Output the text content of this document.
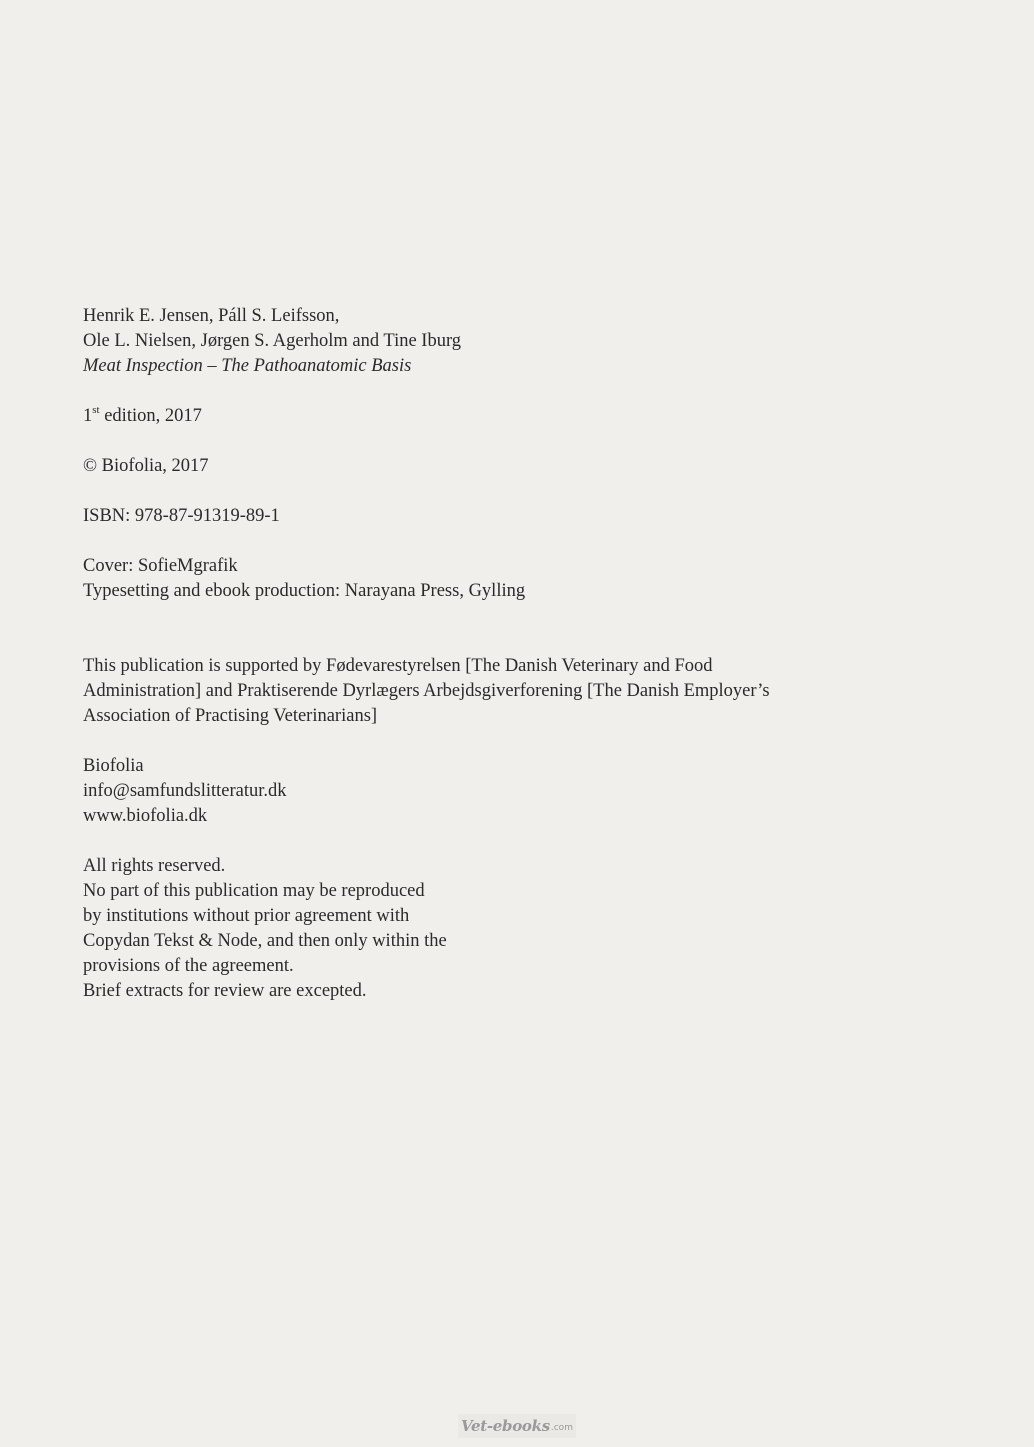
Henrik E. Jensen, Páll S. Leifsson,
Ole L. Nielsen, Jørgen S. Agerholm and Tine Iburg
Meat Inspection – The Pathoanatomic Basis
1st edition, 2017
© Biofolia, 2017
ISBN: 978-87-91319-89-1
Cover: SofieMgrafik
Typesetting and ebook production: Narayana Press, Gylling
This publication is supported by Fødevarestyrelsen [The Danish Veterinary and Food
Administration] and Praktiserende Dyrlægers Arbejdsgiverforening [The Danish Employer’s
Association of Practising Veterinarians]
Biofolia
info@samfundslitteratur.dk
www.biofolia.dk
All rights reserved.
No part of this publication may be reproduced
by institutions without prior agreement with
Copydan Tekst & Node, and then only within the
provisions of the agreement.
Brief extracts for review are excepted.
Vet-ebooks .com
